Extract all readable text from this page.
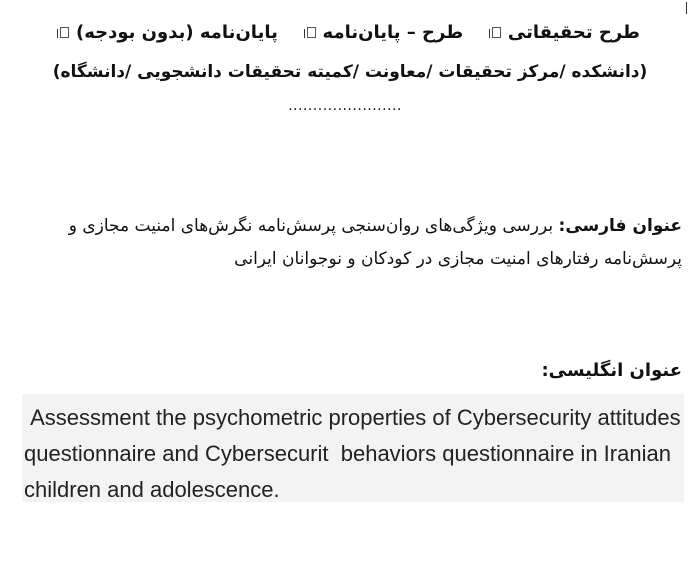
طرح تحقیقاتی
طرح – پایان‌نامه
پایان‌نامه (بدون بودجه)
(دانشکده /مرکز تحقیقات /معاونت /کمیته تحقیقات دانشجویی /دانشگاه)
.......................
عنوان فارسی: بررسی ویژگی‌های روان‌سنجی پرسش‌نامه نگرش‌های امنیت مجازی و پرسش‌نامه رفتارهای امنیت مجازی در کودکان و نوجوانان ایرانی
عنوان انگلیسی:
Assessment the psychometric properties of Cybersecurity attitudes questionnaire and Cybersecurit  behaviors questionnaire in Iranian children and adolescence.
